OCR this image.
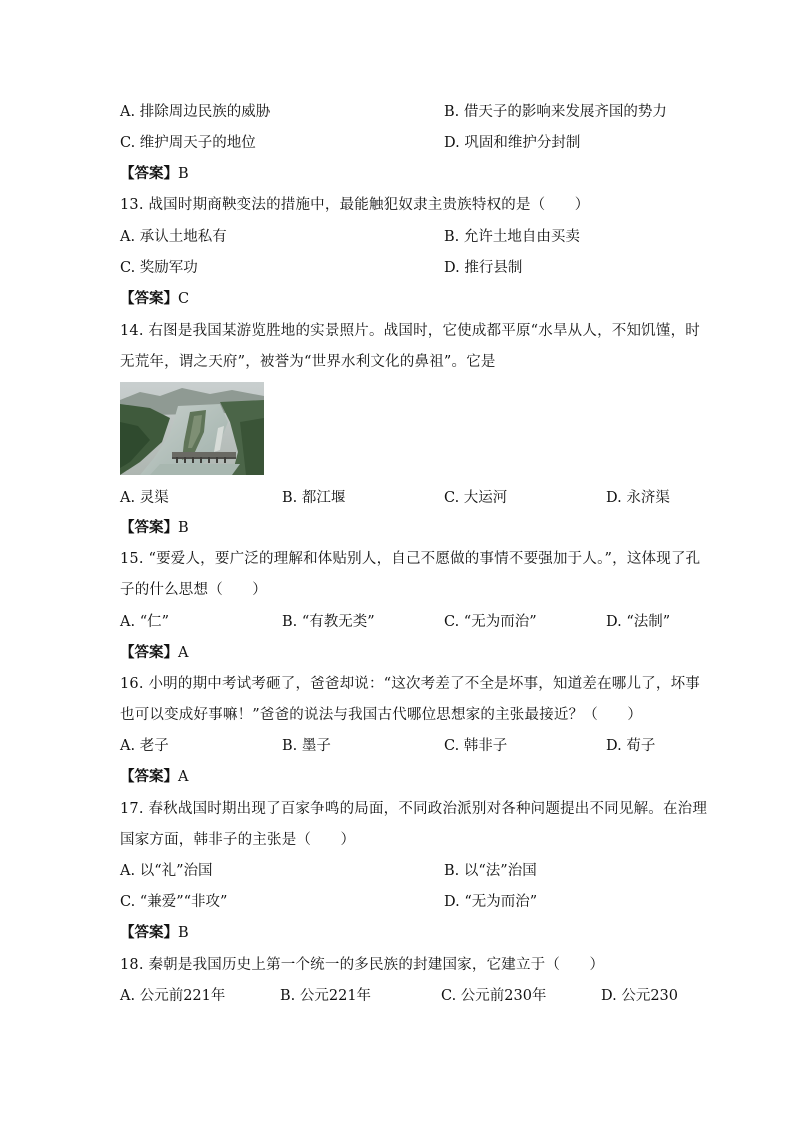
A. 排除周边民族的威胁	B. 借天子的影响来发展齐国的势力
C. 维护周天子的地位	D. 巩固和维护分封制
【答案】B
13. 战国时期商鞅变法的措施中，最能触犯奴隶主贵族特权的是（　　）
A. 承认土地私有	B. 允许土地自由买卖
C. 奖励军功	D. 推行县制
【答案】C
14. 右图是我国某游览胜地的实景照片。战国时，它使成都平原“水旱从人，不知饥馑，时
无荒年，谓之天府”，被誉为“世界水利文化的鼻祖”。它是
A. 灵渠	B. 都江堰	C. 大运河	D. 永济渠
【答案】B
15. “要爱人，要广泛的理解和体贴别人，自己不愿做的事情不要强加于人。”，这体现了孔
子的什么思想（　　）
A. “仁”	B. “有教无类”	C. “无为而治”	D. “法制”
【答案】A
16. 小明的期中考试考砸了，爸爸却说：“这次考差了不全是坏事，知道差在哪儿了，坏事
也可以变成好事嘛！”爸爸的说法与我国古代哪位思想家的主张最接近？（　　）
A. 老子	B. 墨子	C. 韩非子	D. 荀子
【答案】A
17. 春秋战国时期出现了百家争鸣的局面，不同政治派别对各种问题提出不同见解。在治理
国家方面，韩非子的主张是（　　）
A. 以“礼”治国	B. 以“法”治国
C. “兼爱”“非攻”	D. “无为而治”
【答案】B
18. 秦朝是我国历史上第一个统一的多民族的封建国家，它建立于（　　）
A. 公元前221年	B. 公元221年	C. 公元前230年	D. 公元230
